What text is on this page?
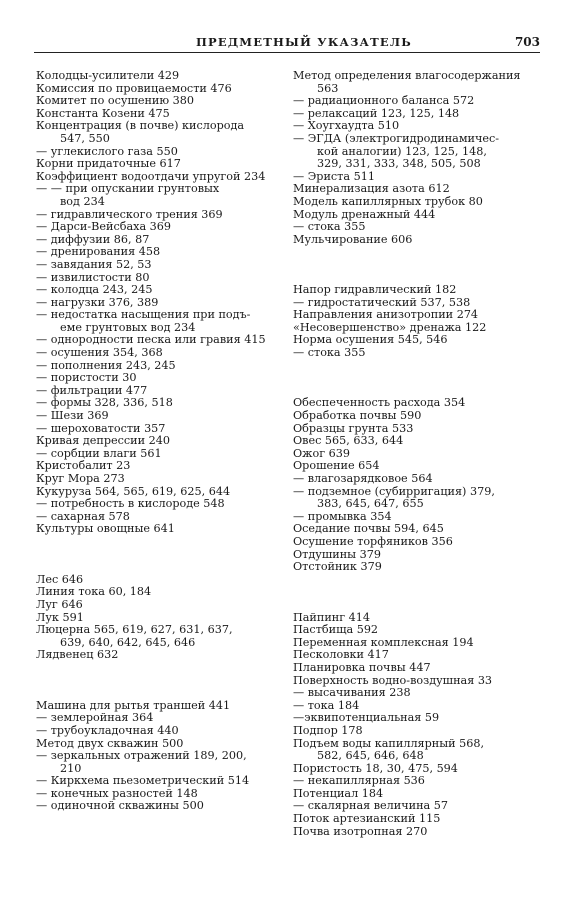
ПРЕДМЕТНЫЙ УКАЗАТЕЛЬ	703
Колодцы-усилители 429
Комиссия по провицаемости 476
Комитет по осушению 380
Константа Козени 475
Концентрация (в почве) кислорода
547, 550
— углекислого газа 550
Корни придаточные 617
Коэффициент водоотдачи упругой 234
— — при опускании грунтовых
вод 234
— гидравлического трения 369
— Дарси-Вейсбаха 369
— диффузии 86, 87
— дренирования 458
— завядания 52, 53
— извилистости 80
— колодца 243, 245
— нагрузки 376, 389
— недостатка насыщения при подъ-
еме грунтовых вод 234
— однородности песка или гравия 415
— осушения 354, 368
— пополнения 243, 245
— пористости 30
— фильтрации 477
— формы 328, 336, 518
— Шези 369
— шероховатости 357
Кривая депрессии 240
— сорбции влаги 561
Кристобалит 23
Круг Мора 273
Кукуруза 564, 565, 619, 625, 644
— потребность в кислороде 548
— сахарная 578
Культуры овощные 641
Лес 646
Линия тока 60, 184
Луг 646
Лук 591
Люцерна 565, 619, 627, 631, 637,
639, 640, 642, 645, 646
Лядвенец 632
Машина для рытья траншей 441
— землеройная 364
— трубоукладочная 440
Метод двух скважин 500
— зеркальных отражений 189, 200,
210
— Киркхема пьезометрический 514
— конечных разностей 148
— одиночной скважины 500
Метод определения влагосодержания
563
— радиационного баланса 572
— релаксаций 123, 125, 148
— Хоугхаудта 510
— ЭГДА (электрогидродинамичес-
кой аналогии) 123, 125, 148,
329, 331, 333, 348, 505, 508
— Эриста 511
Минерализация азота 612
Модель капиллярных трубок 80
Модуль дренажный 444
— стока 355
Мульчирование 606
Напор гидравлический 182
— гидростатический 537, 538
Направления анизотропии 274
«Несовершенство» дренажа 122
Норма осушения 545, 546
— стока 355
Обеспеченность расхода 354
Обработка почвы 590
Образцы грунта 533
Овес 565, 633, 644
Ожог 639
Орошение 654
— влагозарядковое 564
— подземное (субирригация) 379,
383, 645, 647, 655
— промывка 354
Оседание почвы 594, 645
Осушение торфяников 356
Отдушины 379
Отстойник 379
Пайпинг 414
Пастбища 592
Переменная комплексная 194
Песколовки 417
Планировка почвы 447
Поверхность водно-воздушная 33
— высачивания 238
— тока 184
—эквипотенциальная 59
Подпор 178
Подъем воды капиллярный 568,
582, 645, 646, 648
Пористость 18, 30, 475, 594
— некапиллярная 536
Потенциал 184
— скалярная величина 57
Поток артезианский 115
Почва изотропная 270
